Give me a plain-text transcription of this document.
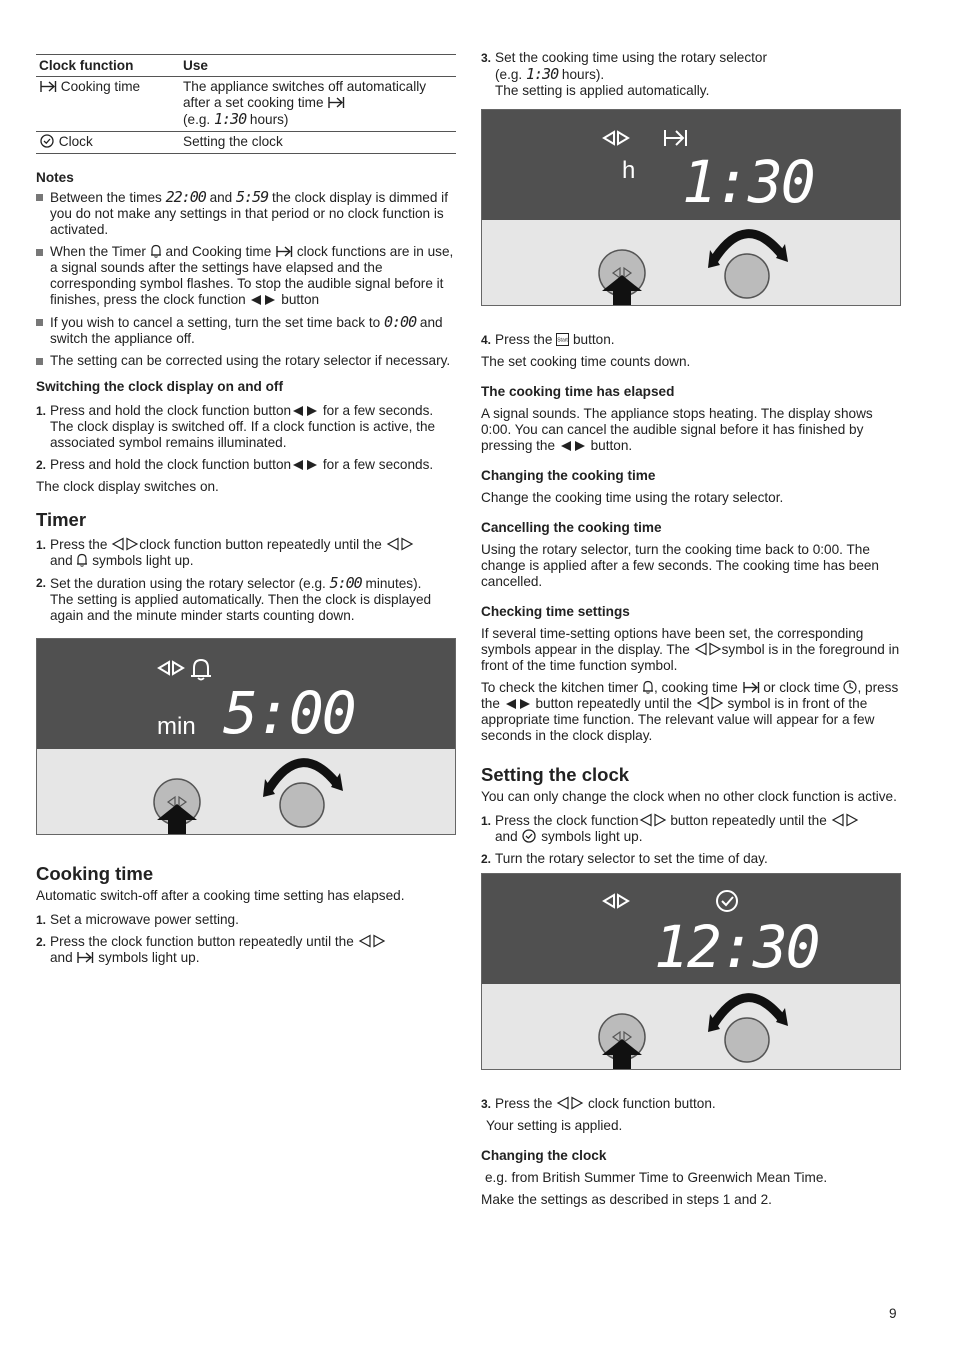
Clock function	Use
Cooking time	The appliance switches off automatically after a set cooking time
(e.g. 1:30 hours)
Clock	Setting the clock
Notes
Between the times 22:00 and 5:59 the clock display is dimmed if you do not make any settings in that period or no clock function is activated.
When the Timer and Cooking time clock functions are in use, a signal sounds after the settings have elapsed and the corresponding symbol flashes. To stop the audible signal before it finishes, press the clock function	button
If you wish to cancel a setting, turn the set time back to 0:00 and switch the appliance off.
The setting can be corrected using the rotary selector if necessary.
Switching the clock display on and off
1. Press and hold the clock function button for a few seconds.
The clock display is switched off. If a clock function is active, the associated symbol remains illuminated.
2. Press and hold the clock function button for a few seconds.

The clock display switches on.

Timer
1. Press the clock function button repeatedly until the
and symbols light up.
2. Set the duration using the rotary selector (e.g. 5:00 minutes).
The setting is applied automatically. Then the clock is displayed again and the minute minder starts counting down.
min 5:00
Cooking time

Automatic switch-off after a cooking time setting has elapsed.

1. Set a microwave power setting.
2. Press the clock function button repeatedly until the
and symbols light up.
3. Set the cooking time using the rotary selector
(e.g. 1:30 hours).
The setting is applied automatically.
h 1:30
4. Press the Start button.

The set cooking time counts down.

The cooking time has elapsed

A signal sounds. The appliance stops heating. The display shows 0:00. You can cancel the audible signal before it has finished by pressing the	button.

Changing the cooking time

Change the cooking time using the rotary selector.

Cancelling the cooking time

Using the rotary selector, turn the cooking time back to 0:00. The change is applied after a few seconds. The cooking time has been cancelled.

Checking time settings

If several time-setting options have been set, the corresponding symbols appear in the display. The symbol is in the foreground in front of the time function symbol.

To check the kitchen timer , cooking time or clock time , press the	button repeatedly until the	symbol is in front of the appropriate time function. The relevant value will appear for a few seconds in the clock display.

Setting the clock

You can only change the clock when no other clock function is active.

1. Press the clock function button repeatedly until the
and symbols light up.
2. Turn the rotary selector to set the time of day.
12:30
3. Press the	clock function button.

Your setting is applied.

Changing the clock

e.g. from British Summer Time to Greenwich Mean Time.

Make the settings as described in steps 1 and 2.

9
